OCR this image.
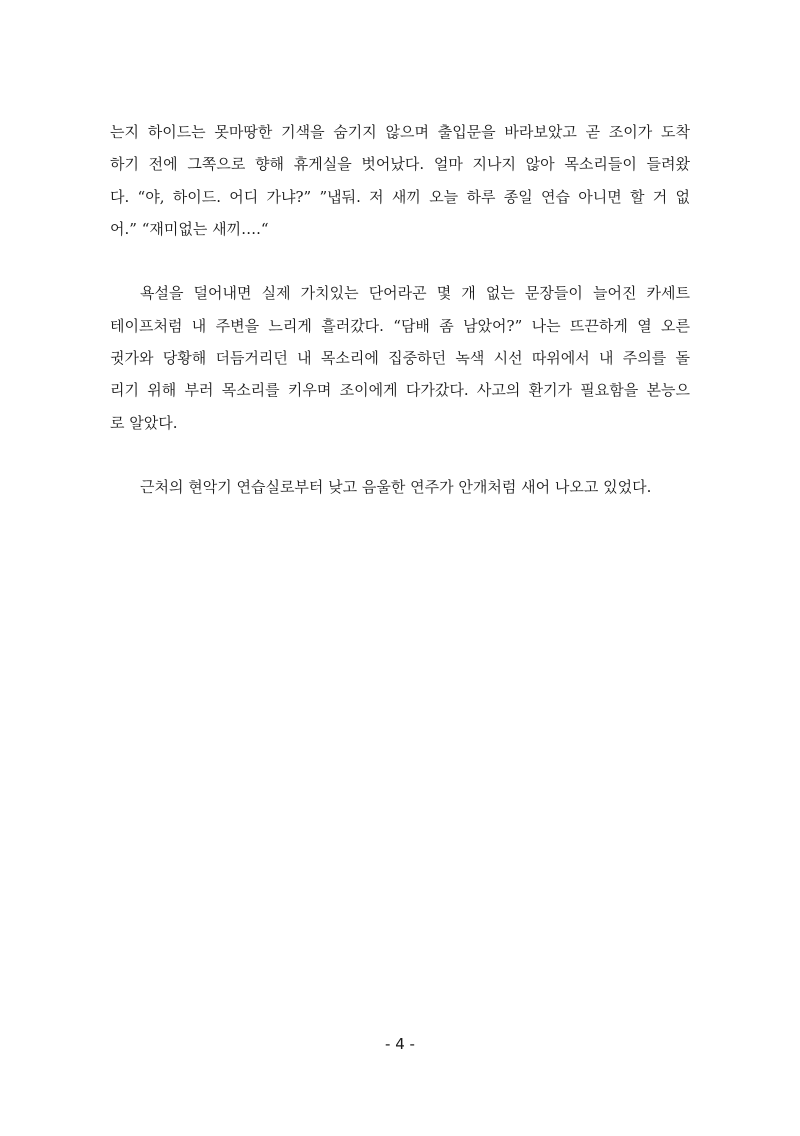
는지 하이드는 못마땅한 기색을 숨기지 않으며 출입문을 바라보았고 곧 조이가 도착
하기 전에 그쪽으로 향해 휴게실을 벗어났다. 얼마 지나지 않아 목소리들이 들려왔
다. “야, 하이드. 어디 가냐?” ”냅둬. 저 새끼 오늘 하루 종일 연습 아니면 할 거 없
어.” “재미없는 새끼….“
욕설을 덜어내면 실제 가치있는 단어라곤 몇 개 없는 문장들이 늘어진 카세트
테이프처럼 내 주변을 느리게 흘러갔다. “담배 좀 남았어?” 나는 뜨끈하게 열 오른
귓가와 당황해 더듬거리던 내 목소리에 집중하던 녹색 시선 따위에서 내 주의를 돌
리기 위해 부러 목소리를 키우며 조이에게 다가갔다. 사고의 환기가 필요함을 본능으
로 알았다.
근처의 현악기 연습실로부터 낮고 음울한 연주가 안개처럼 새어 나오고 있었다.
- 4 -
